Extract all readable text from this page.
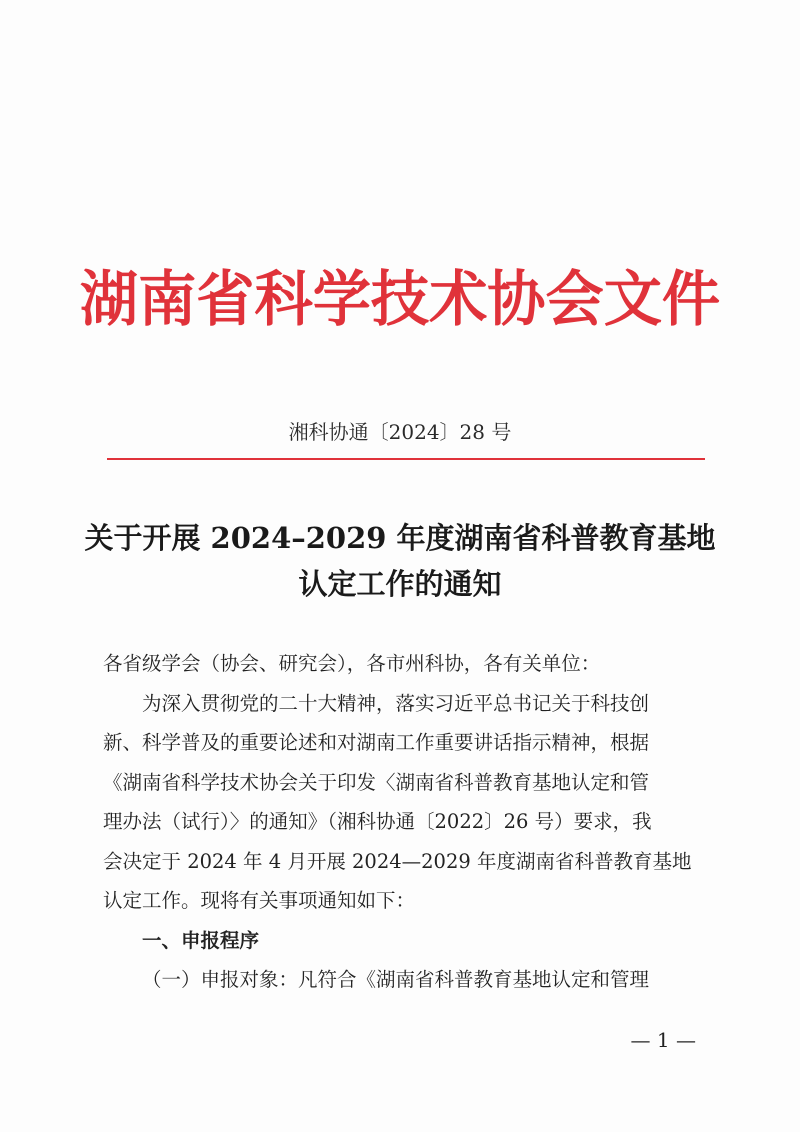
湖南省科学技术协会文件
湘科协通〔2024〕28 号
关于开展 2024–2029 年度湖南省科普教育基地
认定工作的通知
各省级学会（协会、研究会），各市州科协，各有关单位：
为深入贯彻党的二十大精神，落实习近平总书记关于科技创
新、科学普及的重要论述和对湖南工作重要讲话指示精神，根据
《湖南省科学技术协会关于印发〈湖南省科普教育基地认定和管
理办法（试行）〉的通知》（湘科协通〔2022〕26 号）要求，我
会决定于 2024 年 4 月开展 2024—2029 年度湖南省科普教育基地
认定工作。现将有关事项通知如下：
一、申报程序
（一）申报对象：凡符合《湖南省科普教育基地认定和管理
— 1 —
